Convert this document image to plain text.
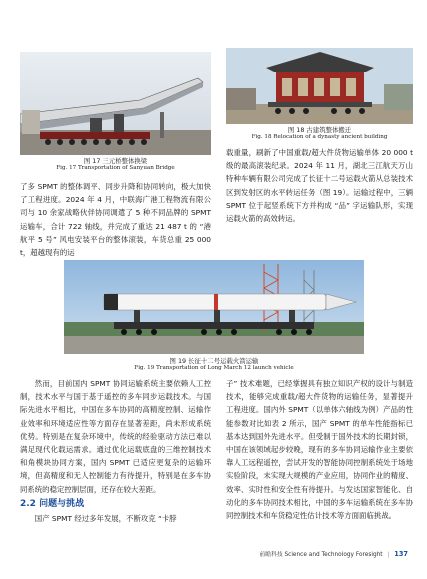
图 17 三元桥整体换梁
Fig. 17 Transportation of Sanyuan Bridge
图 18 古建筑整体搬迁
Fig. 18 Relocation of a dynasty ancient building

了多 SPMT 的整体调平、同步升降和协同转向，极大加快了工程进度。2024 年 4 月，中联海广港工程物流有限公司与 10 余家战略伙伴协同调遣了 5 种不同品牌的 SPMT 运输车，合计 722 轴线，并完成了重达 21 487 t 的 “港航平 5 号” 风电安装平台的整体滚装，车货总重 25 000 t，超越现有的运

载重量，刷新了中国重载/超大件货物运输单体 20 000 t 级的最高滚装纪录。2024 年 11 月，湖北三江航天万山特种车辆有限公司完成了长征十二号运载火箭从总装技术区到发射区的水平转运任务（图 19）。运输过程中，三辆 SPMT 位于起竖系统下方并构成 “品” 字运输队形，实现运载火箭的高效转运。

图 19 长征十二号运载火箭运输
Fig. 19 Transportation of Long March 12 launch vehicle

然而，目前国内 SPMT 协同运输系统主要依赖人工控制，技术水平与国于基于遥控的多车同步运载技术。与国际先进水平相比，中国在多车协同的高精度控制、运输作业效率和环境适应性等方面存在显著差距，尚未形成系统优势。特别是在复杂环境中，传统的经验驱动方法已难以满足现代化载运需求。通过优化运载底盘的三维控制技术和角模块协同方案，国内 SPMT 已适应更复杂的运输环境，但高精度和无人控制能力有待提升，特别是在多车协同系统的稳定控制层面，还存在较大差距。

2.2 问题与挑战

国产 SPMT 经过多年发展，不断攻克 “卡脖

子” 技术难题，已经掌握具有独立知识产权的设计与制造技术，能够完成重载/超大件货物的运输任务，显著提升工程进度。国内外 SPMT（以单体六轴线为例）产品的性能参数对比如表 2 所示，国产 SPMT 的单车性能指标已基本达到国外先进水平。但受制于国外技术的长期封锁，中国在该领域起步较晚，现有的多车协同运输作业主要依靠人工远程遥控，尝试开发的智能协同控制系统处于场地实验阶段，未实现大规模的产业应用，协同作业的精度、效率、实时性和安全性有待提升。与发达国家智能化、自动化的多车协同技术相比，中国的多车运输系统在多车协同控制技术和车货稳定性估计技术等方面面临挑战。

前瞻科技 Science and Technology Foresight | 137
